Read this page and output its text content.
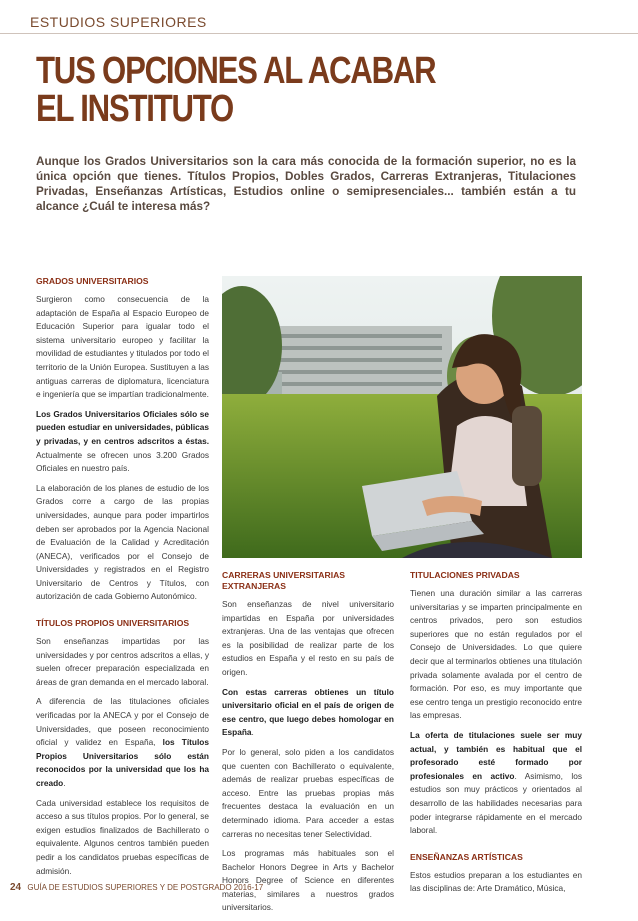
ESTUDIOS SUPERIORES
TUS OPCIONES AL ACABAR
EL INSTITUTO

Aunque los Grados Universitarios son la cara más conocida de la formación superior, no es la única opción que tienes. Títulos Propios, Dobles Grados, Carreras Extranjeras, Titulaciones Privadas, Enseñanzas Artísticas, Estudios online o semipresenciales... también están a tu alcance ¿Cuál te interesa más?

GRADOS UNIVERSITARIOS

Surgieron como consecuencia de la adaptación de España al Espacio Europeo de Educación Superior para igualar todo el sistema universitario europeo y facilitar la movilidad de estudiantes y titulados por todo el territorio de la Unión Europea. Sustituyen a las antiguas carreras de diplomatura, licenciatura e ingeniería que se impartían tradicionalmente.

Los Grados Universitarios Oficiales sólo se pueden estudiar en universidades, públicas y privadas, y en centros adscritos a éstas. Actualmente se ofrecen unos 3.200 Grados Oficiales en nuestro país.

La elaboración de los planes de estudio de los Grados corre a cargo de las propias universidades, aunque para poder impartirlos deben ser aprobados por la Agencia Nacional de Evaluación de la Calidad y Acreditación (ANECA), verificados por el Consejo de Universidades y registrados en el Registro Universitario de Centros y Títulos, con autorización de cada Gobierno Autonómico.

TÍTULOS PROPIOS UNIVERSITARIOS

Son enseñanzas impartidas por las universidades y por centros adscritos a ellas, y suelen ofrecer preparación especializada en áreas de gran demanda en el mercado laboral.

A diferencia de las titulaciones oficiales verificadas por la ANECA y por el Consejo de Universidades, que poseen reconocimiento oficial y validez en España, los Títulos Propios Universitarios sólo están reconocidos por la universidad que los ha creado.

Cada universidad establece los requisitos de acceso a sus títulos propios. Por lo general, se exigen estudios finalizados de Bachillerato o equivalente. Algunos centros también pueden pedir a los candidatos pruebas específicas de admisión.

CARRERAS UNIVERSITARIAS
EXTRANJERAS

Son enseñanzas de nivel universitario impartidas en España por universidades extranjeras. Una de las ventajas que ofrecen es la posibilidad de realizar parte de los estudios en España y el resto en su país de origen.

Con estas carreras obtienes un título universitario oficial en el país de origen de ese centro, que luego debes homologar en España.

Por lo general, solo piden a los candidatos que cuenten con Bachillerato o equivalente, además de realizar pruebas específicas de acceso. Entre las pruebas propias más frecuentes destaca la evaluación en un determinado idioma. Para acceder a estas carreras no necesitas tener Selectividad.

Los programas más habituales son el Bachelor Honors Degree in Arts y Bachelor Honors Degree of Science en diferentes materias, similares a nuestros grados universitarios.

TITULACIONES PRIVADAS

Tienen una duración similar a las carreras universitarias y se imparten principalmente en centros privados, pero son estudios superiores que no están regulados por el Consejo de Universidades. Lo que quiere decir que al terminarlos obtienes una titulación privada solamente avalada por el centro de formación. Por eso, es muy importante que ese centro tenga un prestigio reconocido entre las empresas.

La oferta de titulaciones suele ser muy actual, y también es habitual que el profesorado esté formado por profesionales en activo. Asimismo, los estudios son muy prácticos y orientados al desarrollo de las habilidades necesarias para poder integrarse rápidamente en el mercado laboral.

ENSEÑANZAS ARTÍSTICAS

Estos estudios preparan a los estudiantes en las disciplinas de: Arte Dramático, Música,

24 GUÍA DE ESTUDIOS SUPERIORES Y DE POSTGRADO 2016-17
